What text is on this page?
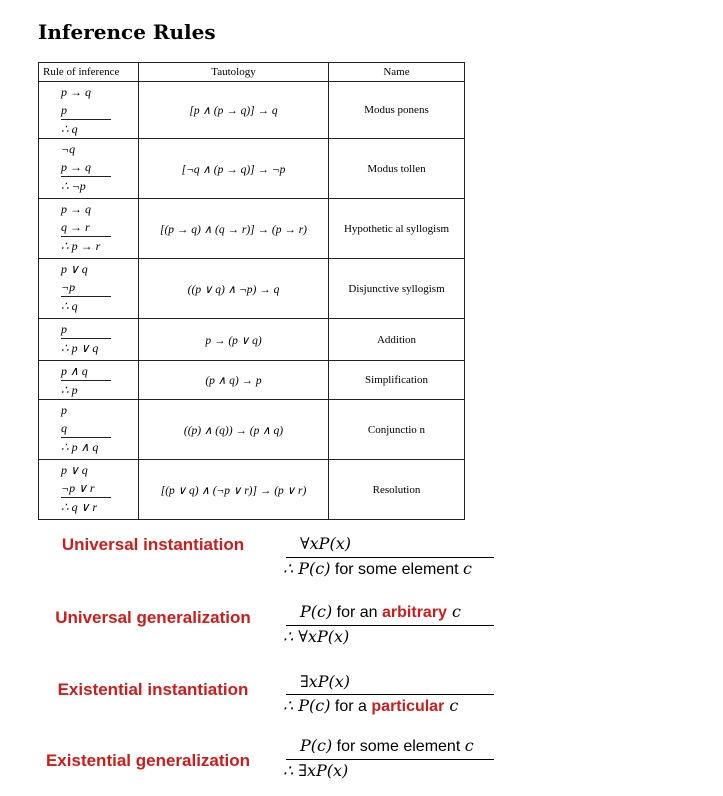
Inference Rules
Rule of inference	Tautology	Name

p → q
p
∴ q	[p ∧ (p → q)] → q	Modus ponens

¬q
p → q
∴ ¬p	[¬q ∧ (p → q)] → ¬p	Modus tollen

p → q
q → r
∴ p → r	[(p → q) ∧ (q → r)] → (p → r)	Hypothetic al syllogism

p ∨ q
¬p
∴ q	((p ∨ q) ∧ ¬p) → q	Disjunctive syllogism

p
∴ p ∨ q	p → (p ∨ q)	Addition

p ∧ q
∴ p	(p ∧ q) → p	Simplification

p
q
∴ p ∧ q	((p) ∧ (q)) → (p ∧ q)	Conjunctio n

p ∨ q
¬p ∨ r
∴ q ∨ r	[(p ∨ q) ∧ (¬p ∨ r)] → (p ∨ r)	Resolution
Universal instantiation	∀xP(x)
∴ P(c) for some element c
Universal generalization	P(c) for an arbitrary c
∴ ∀xP(x)
Existential instantiation	∃xP(x)
∴ P(c) for a particular c
Existential generalization
P(c) for some element c
∴ ∃xP(x)
